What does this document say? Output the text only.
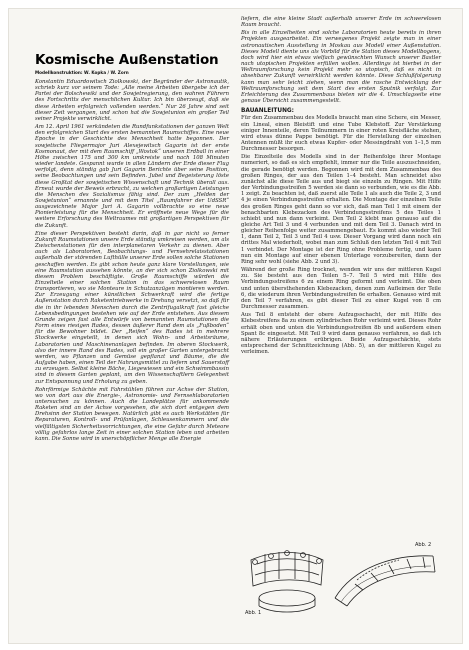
Kosmische Außenstation
Modellkonstruktion: W. Kopka / W. Zorn

Konstantin Eduardowitsch Ziolkowski, der Begründer der Astronautik, schrieb kurz vor seinem Tode: „Alle meine Arbeiten übergebe ich der Partei der Bolschewiki und der Sowjetregierung, den wahren Führern des Fortschritts der menschlichen Kultur. Ich bin überzeugt, daß sie diese Arbeiten erfolgreich vollenden werden.“ Nur 26 Jahre sind seit dieser Zeit vergangen, und schon hat die Sowjetunion ein großer Teil seiner Projekte verwirklicht.

Am 12. April 1961 verkündeten die Rundfunkstationen der ganzen Welt den erfolgreichen Start des ersten bemannten Raumschiffes. Eine neue Epoche in der Geschichte des Menschheit hatte begonnen. Der sowjetische Fliegermajor Juri Alexejewitsch Gagarin ist der erste Kosmonaut, der mit dem Raumschiff „Wostok“ unseren Erdball in einer Höhe zwischen 175 und 300 km umkreiste und nach 108 Minuten wieder landete. Gespannt wurde in allen Ländern der Erde dieser Flug verfolgt, denn ständig gab Juri Gagarin Berichte über seine Position, seine Beobachtungen und sein Befinden. Jubel und Begeisterung löste diese Großtat der sowjetischen Wissenschaft und Technik überall aus. Erneut wurde der Beweis erbracht, zu welchen großartigen Leistungen die Menschen des Sozialismus fähig sind. Der zum „Helden der Sowjetunion“ ernannte und mit dem Titel „Raumfahrer der UdSSR“ ausgezeichnete Major Juri A. Gagarin vollbrachte so eine neue Pionierleistung für die Menschheit. Er eröffnete neue Wege für die weitere Erforschung des Weltraumes mit großartigen Perspektiven für die Zukunft.

Eine dieser Perspektiven besteht darin, daß in gar nicht so ferner Zukunft Raumstationen unsere Erde ständig umkreisen werden, um als Zwischenstationen für den interplanetaren Verkehr zu dienen. Aber auch als Laboratorien, Beobachtungs- und Fernsehrelaisstationen außerhalb der störenden Lufthülle unserer Erde sollen solche Stationen geschaffen werden. Es gibt schon heute ganz klare Vorstellungen, wie eine Raumstation aussehen könnte, an der sich schon Ziolkowski mit diesem Problem beschäftigte. Große Raumschiffe würden die Einzelteile einer solchen Station in das schwerelosen Raum transportieren, wo sie Monteure in Schutzanzügen montieren werden. Zur Erzeugung einer künstlichen Schwerkraft wird die fertige Außenstation durch Raketentriebwerke in Drehung versetzt, so daß für die in ihr lebenden Menschen durch die Zentrifugalkraft fast gleiche Lebensbedingungen bestehen wie auf der Erde entstehen. Aus diesem Grunde zeigen fast alle Entwürfe von bemannten Raumstationen die Form eines riesigen Rades, dessen äußerer Rand dem als „Fußboden“ für die Bewohner bildet. Der „Reifen“ des Rades ist in mehrere Stockwerke eingeteilt, in denen sich Wohn- und Arbeitsräume, Laboratorien und Maschinenanlagen befinden. Im oberen Stockwerk, also der innere Rand des Rades, soll ein großer Garten untergebracht werden, wo Pflanzen und Gemüse gepflanzt und Bäume, die die Aufgabe haben, einen Teil der Nahrungsmittel zu liefern und Sauerstoff zu erzeugen. Selbst kleine Bäche, Liegewiesen und ein Schwimmbassin sind in diesem Garten geplant, um den Wissenschaftlern Gelegenheit zur Entspannung und Erholung zu geben.

Rohrförmige Schächte mit Fahrstühlen führen zur Achse der Station, wo von dort aus die Energie-, Astronomie- und Fernsehlaboratorien untersuchen zu können. Auch die Landeplätze für ankommende Raketen sind an der Achse vorgesehen, die sich dort entgegen dem Drehsinn der Station bewegen. Natürlich gibt es auch Werkstätten für Reparaturen, Kontroll- und Prüfanlagen, Schleusenkammern und die vielfältigsten Sicherheitsvorrichtungen, die eine Gefahr durch Meteore völlig gefahrlos lange Zeit in einer solchen Station leben und arbeiten kann. Die Sonne wird in unerschöpflicher Menge alle Energie

liefern, die eine kleine Stadt außerhalb unserer Erde im schwerelosen Raum braucht.

Bis in alle Einzelheiten sind solche Laboratorien heute bereits in ihren Projekten ausgearbeitet. Ein verwegenes Projekt zeigte man in einer astronautischen Ausstellung in Moskau aus Modell einer Außenstation. Dieses Modell diente uns als Vorbild für die Station dieses Modellbogens, doch wird hier ein etwas vielfach gewünschten Wunsch unserer Bastler nach utopischen Projekten erfüllen wollen. Allerdings ist hierbei in der Weltraumforschung kein Projekt mehr so utopisch, daß es nicht in absehbarer Zukunft verwirklicht werden könnte. Diese Schlußfolgerung kann man sehr leicht ziehen, wenn man die rasche Entwicklung der Weltraumforschung seit dem Start des ersten Sputnik verfolgt. Zur Erleichterung des Zusammenbaus bieten wir die 4. Umschlagseite eine genaue Übersicht zusammengestellt.

BAUANLEITUNG:

Für den Zusammenbau des Modells braucht man eine Schere, ein Messer, ein Lineal, einen Bleistift und eine Tube Klebstoff. Zur Verstärkung einiger Innenteile, deren Teilnummern in einer roten Kreisfläche stehen, wird etwas dünne Pappe benötigt. Für die Herstellung der einzelnen Antennen müßt ihr euch etwas Kupfer- oder Messingdraht von 1–1,5 mm Durchmesser besorgen.

Die Einzelteile des Modells sind in der Reihenfolge ihrer Montage numeriert, so daß es sich empfiehlt, immer nur die Teile auszuschneiden, die gerade benötigt werden. Begonnen wird mit dem Zusammenbau des großen Ringes, der aus den Teilen 1–4 besteht. Man schneidet also zunächst alle diese Teile aus und biegt sie einzeln zu Ringen. Mit Hilfe der Verbindungsstreifen 5 werden sie dann so verbunden, wie es die Abb. 1 zeigt. Zu beachten ist, daß zuerst alle Teile 1 als auch die Teile 2, 3 und 4 je einen Verbindungsstreifen erhalten. Die Montage der einzelnen Teile des großen Ringes geht dann so vor sich, daß man Teil 1 mit einem der benachbarten Klebezacken des Verbindungsstreifens 5 des Teiles 1 schiebt und nun dann verleimt. Den Teil 2 klebt man genauso auf die gleiche Art Teil 3 und 4 verbunden und mit dem Teil 3. Danach wird in gleicher Reihenfolge weiter zusammengebaut. Es kommt also wieder Teil 1, dann Teil 2, Teil 3 und Teil 4 usw. Dieser Vorgang wird dann noch ein drittes Mal wiederholt, wobei man zum Schluß den letzten Teil 4 mit Teil 1 verbindet. Der Montage ist der Ring ohne Probleme fertig, und kann nun ein Montage auf einer ebenen Unterlage vorzubereiten, dann der Ring sehr wohl (siehe Abb. 2 und 3).

Während der große Ring trocknet, wenden wir uns der mittleren Kugel zu. Sie besteht aus den Teilen 5–7. Teil 5 wird mit Hilfe des Verbindungsstreifens 6 zu einem Ring geformt und verleimt. Die oben und unten übersthehenden Klebezacken, denen zum Aufleimen der Teile 6, die wiederum ihren Verbindungsstreifen 6e erhalten. Genauso wird mit den Teil 7 verfahren, es gibt dieser Teil zu einer Kugel von 8 cm Durchmesser zusammen.

Aus Teil 8 entsteht der obere Aufzugsschacht, der mit Hilfe des Klebestreifens 8a zu einem zylindrischen Rohr verleimt wird. Dieses Rohr erhält oben und unten die Verbindungsstreifen 8b und außerdem einen Spant 8c eingesetzt. Mit Teil 9 wird dann genauso verfahren, so daß ich nähere Erläuterungen erübrigen. Beide Aufzugsschächte, stets entsprechend der Schnittzeichnung (Abb. 5), an der mittleren Kugel zu verleimen.

Abb. 1
Abb. 2
